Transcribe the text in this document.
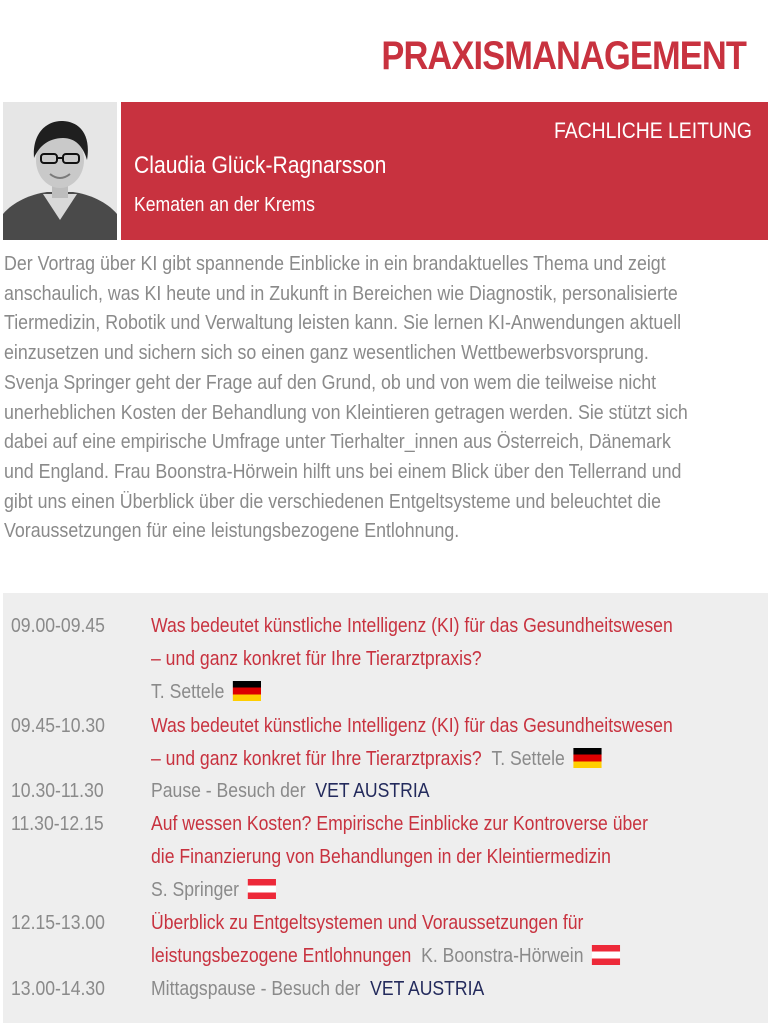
PRAXISMANAGEMENT
FACHLICHE LEITUNG
Claudia Glück-Ragnarsson
Kematen an der Krems

Der Vortrag über KI gibt spannende Einblicke in ein brandaktuelles Thema und zeigt
anschaulich, was KI heute und in Zukunft in Bereichen wie Diagnostik, personalisierte
Tiermedizin, Robotik und Verwaltung leisten kann. Sie lernen KI-Anwendungen aktuell
einzusetzen und sichern sich so einen ganz wesentlichen Wettbewerbsvorsprung.
Svenja Springer geht der Frage auf den Grund, ob und von wem die teilweise nicht
unerheblichen Kosten der Behandlung von Kleintieren getragen werden. Sie stützt sich
dabei auf eine empirische Umfrage unter Tierhalter_innen aus Österreich, Dänemark
und England. Frau Boonstra-Hörwein hilft uns bei einem Blick über den Tellerrand und
gibt uns einen Überblick über die verschiedenen Entgeltsysteme und beleuchtet die
Voraussetzungen für eine leistungsbezogene Entlohnung.

09.00-09.45 Was bedeutet künstliche Intelligenz (KI) für das Gesundheitswesen
– und ganz konkret für Ihre Tierarztpraxis?
T. Settele
09.45-10.30 Was bedeutet künstliche Intelligenz (KI) für das Gesundheitswesen
– und ganz konkret für Ihre Tierarztpraxis? T. Settele
10.30-11.30 Pause - Besuch der VET AUSTRIA
11.30-12.15 Auf wessen Kosten? Empirische Einblicke zur Kontroverse über
die Finanzierung von Behandlungen in der Kleintiermedizin
S. Springer
12.15-13.00 Überblick zu Entgeltsystemen und Voraussetzungen für
leistungsbezogene Entlohnungen K. Boonstra-Hörwein
13.00-14.30 Mittagspause - Besuch der VET AUSTRIA
